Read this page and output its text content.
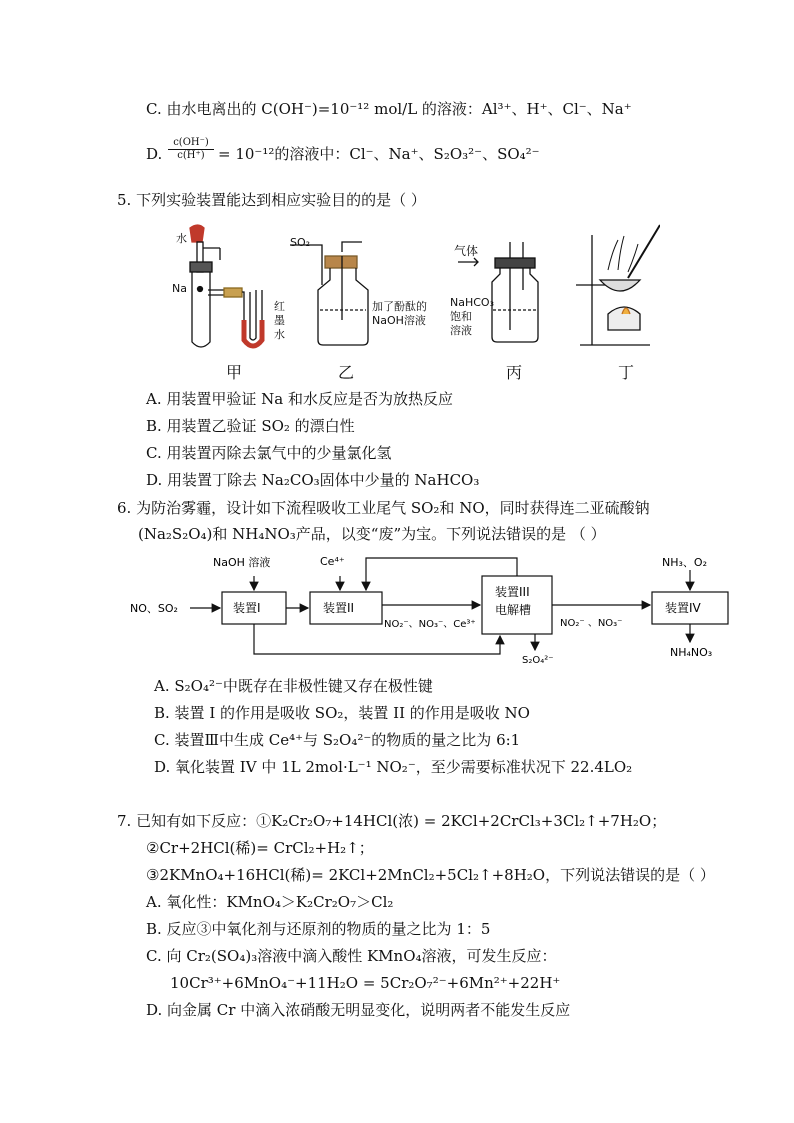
C. 由水电离出的 C(OH⁻)=10⁻¹² mol/L 的溶液：Al³⁺、H⁺、Cl⁻、Na⁺
D. $\frac{c(OH^-)}{c(H^+)} = 10^{-12}$的溶液中：Cl⁻、Na⁺、S₂O₃²⁻、SO₄²⁻
5. 下列实验装置能达到相应实验目的的是（ ）
水
Na
红
墨
水
SO₂
加了酚酞的
NaOH溶液
气体
NaHCO₃
饱和
溶液
甲	乙	丙	丁
A. 用装置甲验证 Na 和水反应是否为放热反应
B. 用装置乙验证 SO₂ 的漂白性
C. 用装置丙除去氯气中的少量氯化氢
D. 用装置丁除去 Na₂CO₃固体中少量的 NaHCO₃
6. 为防治雾霾，设计如下流程吸收工业尾气 SO₂和 NO，同时获得连二亚硫酸钠
(Na₂S₂O₄)和 NH₄NO₃产品，以变“废”为宝。下列说法错误的是 （ ）
NaOH 溶液	Ce⁴⁺	NH₃、O₂
NO、SO₂	装置I	装置II
装置III
电解槽	装置IV
NO₂⁻、NO₃⁻、Ce³⁺	NO₂⁻ 、NO₃⁻
S₂O₄²⁻
NH₄NO₃
A. S₂O₄²⁻中既存在非极性键又存在极性键
B. 装置 I 的作用是吸收 SO₂，装置 II 的作用是吸收 NO
C. 装置Ⅲ中生成 Ce⁴⁺与 S₂O₄²⁻的物质的量之比为 6:1
D. 氧化装置 IV 中 1L 2mol·L⁻¹ NO₂⁻，至少需要标准状况下 22.4LO₂
7. 已知有如下反应：①K₂Cr₂O₇+14HCl(浓) = 2KCl+2CrCl₃+3Cl₂↑+7H₂O；
②Cr+2HCl(稀)= CrCl₂+H₂↑；
③2KMnO₄+16HCl(稀)= 2KCl+2MnCl₂+5Cl₂↑+8H₂O，下列说法错误的是（ ）
A. 氧化性：KMnO₄＞K₂Cr₂O₇＞Cl₂
B. 反应③中氧化剂与还原剂的物质的量之比为 1：5
C. 向 Cr₂(SO₄)₃溶液中滴入酸性 KMnO₄溶液，可发生反应：
10Cr³⁺+6MnO₄⁻+11H₂O = 5Cr₂O₇²⁻+6Mn²⁺+22H⁺
D. 向金属 Cr 中滴入浓硝酸无明显变化，说明两者不能发生反应
